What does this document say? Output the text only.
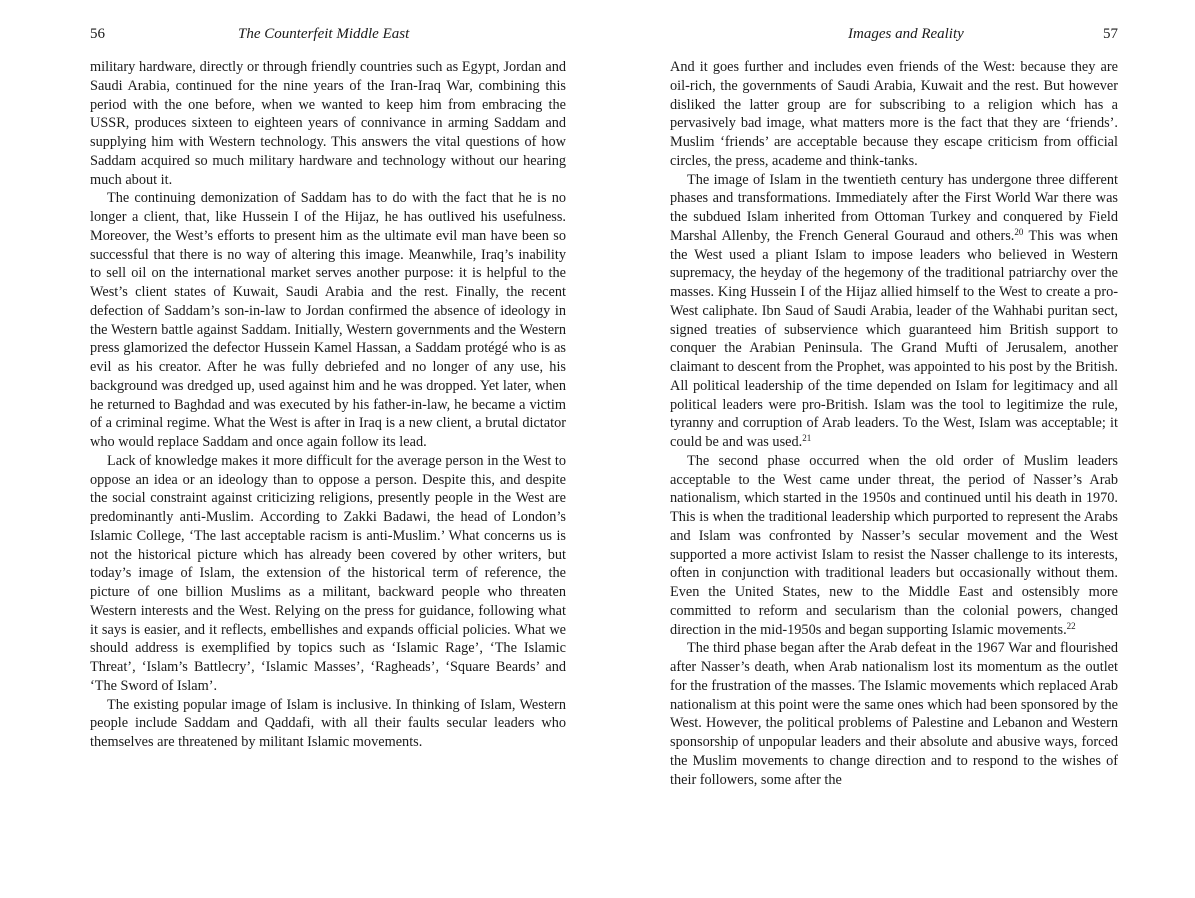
56	The Counterfeit Middle East

military hardware, directly or through friendly countries such as Egypt, Jordan and Saudi Arabia, continued for the nine years of the Iran-Iraq War, combining this period with the one before, when we wanted to keep him from embracing the USSR, produces sixteen to eighteen years of connivance in arming Saddam and supplying him with Western technology. This answers the vital questions of how Saddam acquired so much military hardware and technology without our hearing much about it.

The continuing demonization of Saddam has to do with the fact that he is no longer a client, that, like Hussein I of the Hijaz, he has outlived his usefulness. Moreover, the West’s efforts to present him as the ultimate evil man have been so successful that there is no way of altering this image. Meanwhile, Iraq’s inability to sell oil on the international market serves another purpose: it is helpful to the West’s client states of Kuwait, Saudi Arabia and the rest. Finally, the recent defection of Saddam’s son-in-law to Jordan confirmed the absence of ideology in the Western battle against Saddam. Initially, Western governments and the Western press glamorized the defector Hussein Kamel Hassan, a Saddam protégé who is as evil as his creator. After he was fully debriefed and no longer of any use, his background was dredged up, used against him and he was dropped. Yet later, when he returned to Baghdad and was executed by his father-in-law, he became a victim of a criminal regime. What the West is after in Iraq is a new client, a brutal dictator who would replace Saddam and once again follow its lead.

Lack of knowledge makes it more difficult for the average person in the West to oppose an idea or an ideology than to oppose a person. Despite this, and despite the social constraint against criticizing religions, presently people in the West are predominantly anti-Muslim. According to Zakki Badawi, the head of London’s Islamic College, ‘The last acceptable racism is anti-Muslim.’ What concerns us is not the historical picture which has already been covered by other writers, but today’s image of Islam, the extension of the historical term of reference, the picture of one billion Muslims as a militant, backward people who threaten Western interests and the West. Relying on the press for guidance, following what it says is easier, and it reflects, embellishes and expands official policies. What we should address is exemplified by topics such as ‘Islamic Rage’, ‘The Islamic Threat’, ‘Islam’s Battlecry’, ‘Islamic Masses’, ‘Ragheads’, ‘Square Beards’ and ‘The Sword of Islam’.

The existing popular image of Islam is inclusive. In thinking of Islam, Western people include Saddam and Qaddafi, with all their faults secular leaders who themselves are threatened by militant Islamic movements.

Images and Reality	57

And it goes further and includes even friends of the West: because they are oil-rich, the governments of Saudi Arabia, Kuwait and the rest. But however disliked the latter group are for subscribing to a religion which has a pervasively bad image, what matters more is the fact that they are ‘friends’. Muslim ‘friends’ are acceptable because they escape criticism from official circles, the press, academe and think-tanks.

The image of Islam in the twentieth century has undergone three different phases and transformations. Immediately after the First World War there was the subdued Islam inherited from Ottoman Turkey and conquered by Field Marshal Allenby, the French General Gouraud and others.$^{20}$ This was when the West used a pliant Islam to impose leaders who believed in Western supremacy, the heyday of the hegemony of the traditional patriarchy over the masses. King Hussein I of the Hijaz allied himself to the West to create a pro-West caliphate. Ibn Saud of Saudi Arabia, leader of the Wahhabi puritan sect, signed treaties of subservience which guaranteed him British support to conquer the Arabian Peninsula. The Grand Mufti of Jerusalem, another claimant to descent from the Prophet, was appointed to his post by the British. All political leadership of the time depended on Islam for legitimacy and all political leaders were pro-British. Islam was the tool to legitimize the rule, tyranny and corruption of Arab leaders. To the West, Islam was acceptable; it could be and was used.$^{21}$

The second phase occurred when the old order of Muslim leaders acceptable to the West came under threat, the period of Nasser’s Arab nationalism, which started in the 1950s and continued until his death in 1970. This is when the traditional leadership which purported to represent the Arabs and Islam was confronted by Nasser’s secular movement and the West supported a more activist Islam to resist the Nasser challenge to its interests, often in conjunction with traditional leaders but occasionally without them. Even the United States, new to the Middle East and ostensibly more committed to reform and secularism than the colonial powers, changed direction in the mid-1950s and began supporting Islamic movements.$^{22}$

The third phase began after the Arab defeat in the 1967 War and flourished after Nasser’s death, when Arab nationalism lost its momentum as the outlet for the frustration of the masses. The Islamic movements which replaced Arab nationalism at this point were the same ones which had been sponsored by the West. However, the political problems of Palestine and Lebanon and Western sponsorship of unpopular leaders and their absolute and abusive ways, forced the Muslim movements to change direction and to respond to the wishes of their followers, some after the
